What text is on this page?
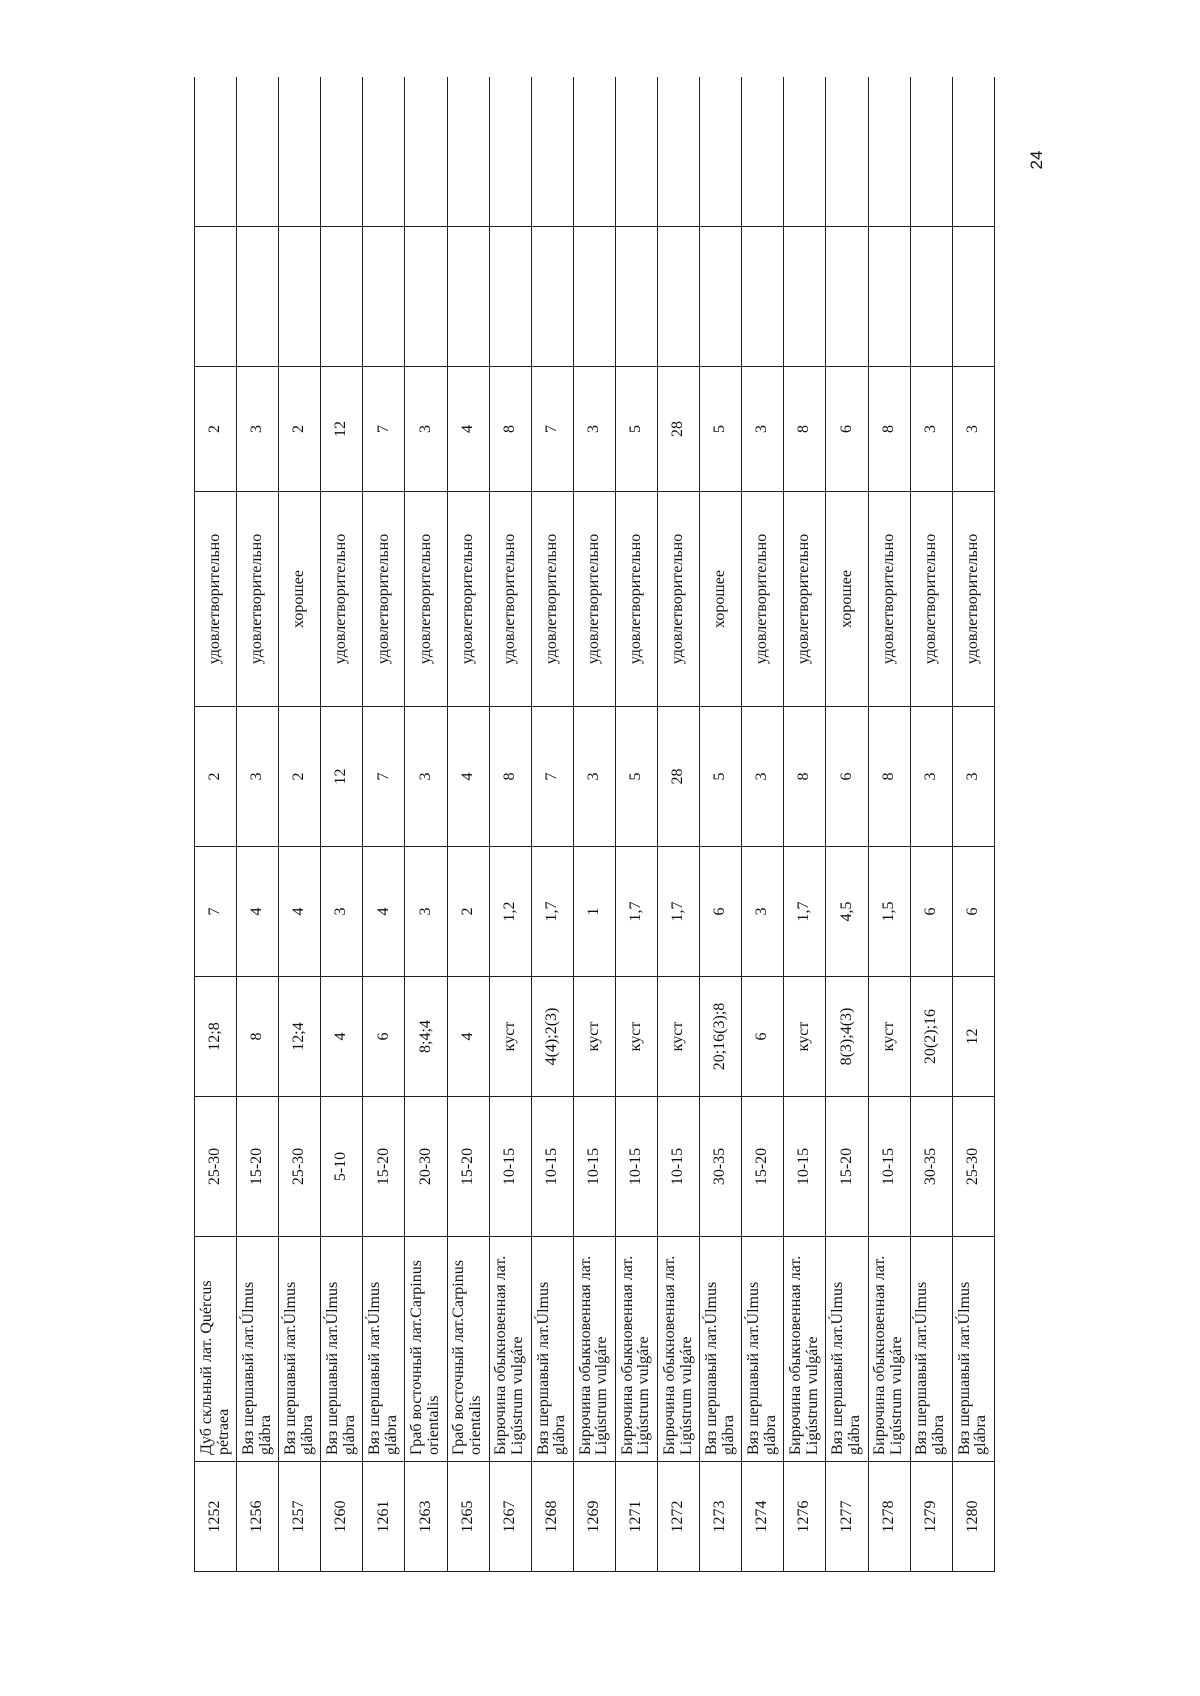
24
1252	Дуб скльный лат. Quércus pétraea	25-30	12;8	7	2	удовлетворительно	2		
1256	Вяз шершавый лат.Úlmus glábra	15-20	8	4	3	удовлетворительно	3		
1257	Вяз шершавый лат.Úlmus glábra	25-30	12;4	4	2	хорошее	2		
1260	Вяз шершавый лат.Úlmus glábra	5-10	4	3	12	удовлетворительно	12		
1261	Вяз шершавый лат.Úlmus glábra	15-20	6	4	7	удовлетворительно	7		
1263	Граб восточный лат.Carpinus orientalis	20-30	8;4;4	3	3	удовлетворительно	3		
1265	Граб восточный лат.Carpinus orientalis	15-20	4	2	4	удовлетворительно	4		
1267	Бирючина обыкновенная лат. Ligústrum vulgáre	10-15	куст	1,2	8	удовлетворительно	8		
1268	Вяз шершавый лат.Úlmus glábra	10-15	4(4);2(3)	1,7	7	удовлетворительно	7		
1269	Бирючина обыкновенная лат. Ligústrum vulgáre	10-15	куст	1	3	удовлетворительно	3		
1271	Бирючина обыкновенная лат. Ligústrum vulgáre	10-15	куст	1,7	5	удовлетворительно	5		
1272	Бирючина обыкновенная лат. Ligústrum vulgáre	10-15	куст	1,7	28	удовлетворительно	28		
1273	Вяз шершавый лат.Úlmus glábra	30-35	20;16(3);8	6	5	хорошее	5		
1274	Вяз шершавый лат.Úlmus glábra	15-20	6	3	3	удовлетворительно	3		
1276	Бирючина обыкновенная лат. Ligústrum vulgáre	10-15	куст	1,7	8	удовлетворительно	8		
1277	Вяз шершавый лат.Úlmus glábra	15-20	8(3);4(3)	4,5	6	хорошее	6		
1278	Бирючина обыкновенная лат. Ligústrum vulgáre	10-15	куст	1,5	8	удовлетворительно	8		
1279	Вяз шершавый лат.Úlmus glábra	30-35	20(2);16	6	3	удовлетворительно	3		
1280	Вяз шершавый лат.Úlmus glábra	25-30	12	6	3	удовлетворительно	3		
